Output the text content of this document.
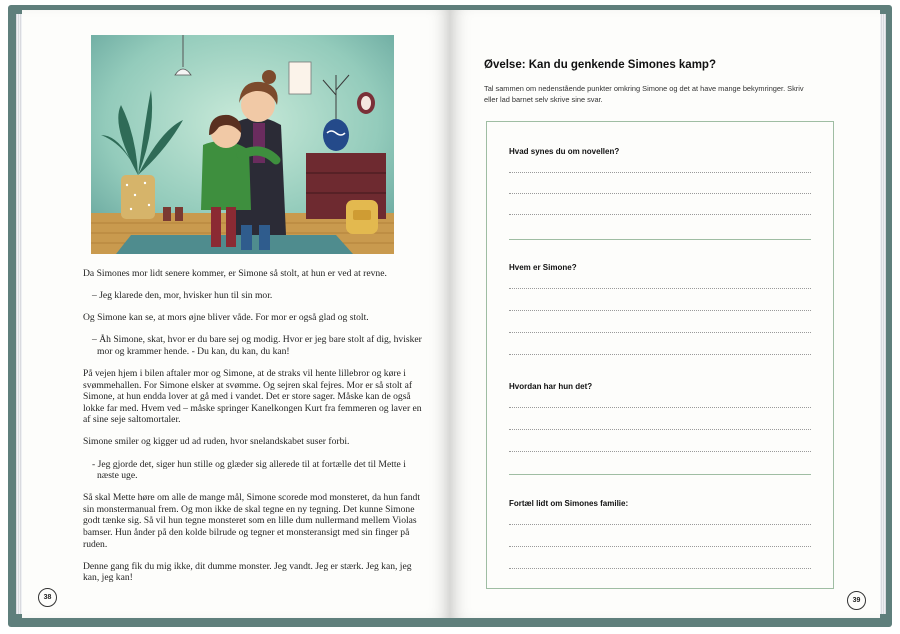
Da Simones mor lidt senere kommer, er Simone så stolt, at hun er ved at revne.

– Jeg klarede den, mor, hvisker hun til sin mor.

Og Simone kan se, at mors øjne bliver våde. For mor er også glad og stolt.

– Åh Simone, skat, hvor er du bare sej og modig. Hvor er jeg bare stolt af dig, hvisker mor og krammer hende. - Du kan, du kan, du kan!

På vejen hjem i bilen aftaler mor og Simone, at de straks vil hente lillebror og køre i svømmehallen. For Simone elsker at svømme. Og sejren skal fejres. Mor er så stolt af Simone, at hun endda lover at gå med i vandet. Det er store sager. Måske kan de også lokke far med. Hvem ved – måske springer Kanelkongen Kurt fra femmeren og laver en af sine seje saltomortaler.

Simone smiler og kigger ud ad ruden, hvor snelandskabet suser forbi.

- Jeg gjorde det, siger hun stille og glæder sig allerede til at fortælle det til Mette i næste uge.

Så skal Mette høre om alle de mange mål, Simone scorede mod monsteret, da hun fandt sin monstermanual frem. Og mon ikke de skal tegne en ny tegning. Det kunne Simone godt tænke sig. Så vil hun tegne monsteret som en lille dum nullermand mellem Violas bamser. Hun ånder på den kolde bilrude og tegner et monsteransigt med sin finger på ruden.

Denne gang fik du mig ikke, dit dumme monster. Jeg vandt. Jeg er stærk. Jeg kan, jeg kan, jeg kan!

38
Øvelse: Kan du genkende Simones kamp?
Tal sammen om nedenstående punkter omkring Simone og det at have mange bekymringer. Skriv eller lad barnet selv skrive sine svar.
Hvad synes du om novellen?
Hvem er Simone?
Hvordan har hun det?
Fortæl lidt om Simones familie:
39
